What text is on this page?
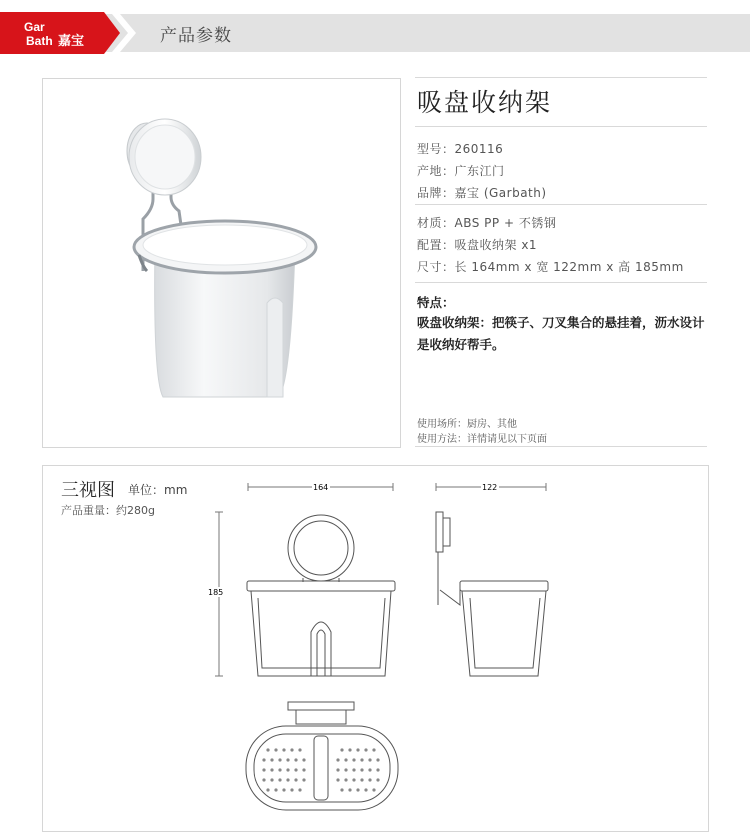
Gar
Bath 嘉宝	产品参数
吸盘收纳架
型号：260116
产地：广东江门
品牌：嘉宝 (Garbath)
材质：ABS PP + 不锈钢
配置：吸盘收纳架 x1
尺寸：长 164mm x 宽 122mm x 高 185mm
特点：
吸盘收纳架：把筷子、刀叉集合的悬挂着，沥水设计是收纳好帮手。
使用场所：厨房、其他
使用方法：详情请见以下页面
三视图 单位：mm
产品重量：约280g
164	122
185
